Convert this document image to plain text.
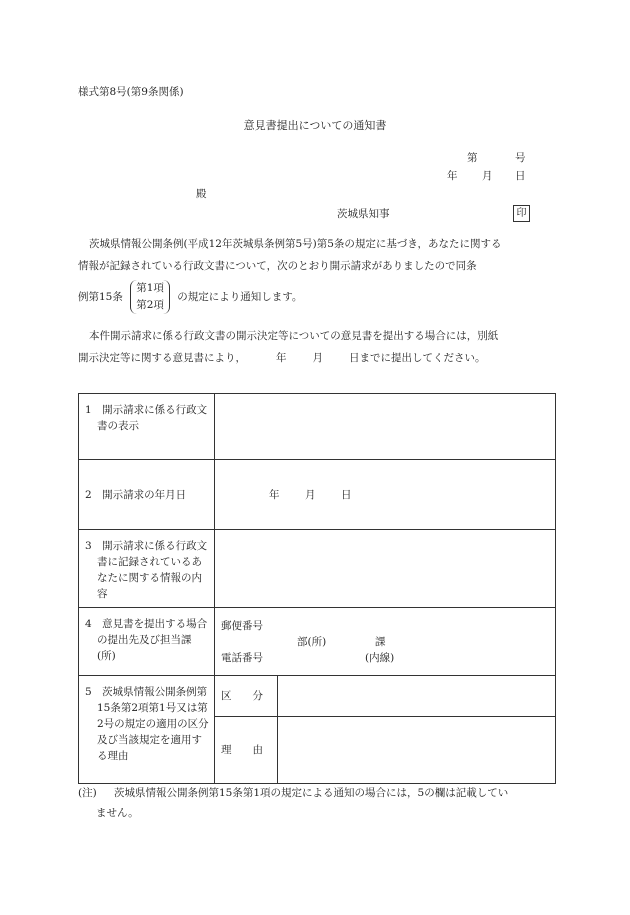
様式第8号(第9条関係)
意見書提出についての通知書
第	号
年 月 日
殿
茨城県知事	印
茨城県情報公開条例(平成12年茨城県条例第5号)第5条の規定に基づき，あなたに関する
情報が記録されている行政文書について，次のとおり開示請求がありましたので同条
例第15条
第1項
第2項
の規定により通知します。
本件開示請求に係る行政文書の開示決定等についての意見書を提出する場合には，別紙
開示決定等に関する意見書により，	年 月 日までに提出してください。
1　開示請求に係る行政文書の表示	

2　開示請求の年月日	年 月 日

3　開示請求に係る行政文書に記録されているあなたに関する情報の内容	

4　意見書を提出する場合の提出先及び担当課(所)	郵便番号
部(所) 課
電話番号 (内線)

5　茨城県情報公開条例第15条第2項第1号又は第2号の規定の適用の区分及び当該規定を適用する理由	区　　分
理　　由
(注) 茨城県情報公開条例第15条第1項の規定による通知の場合には，5の欄は記載してい
ません。
